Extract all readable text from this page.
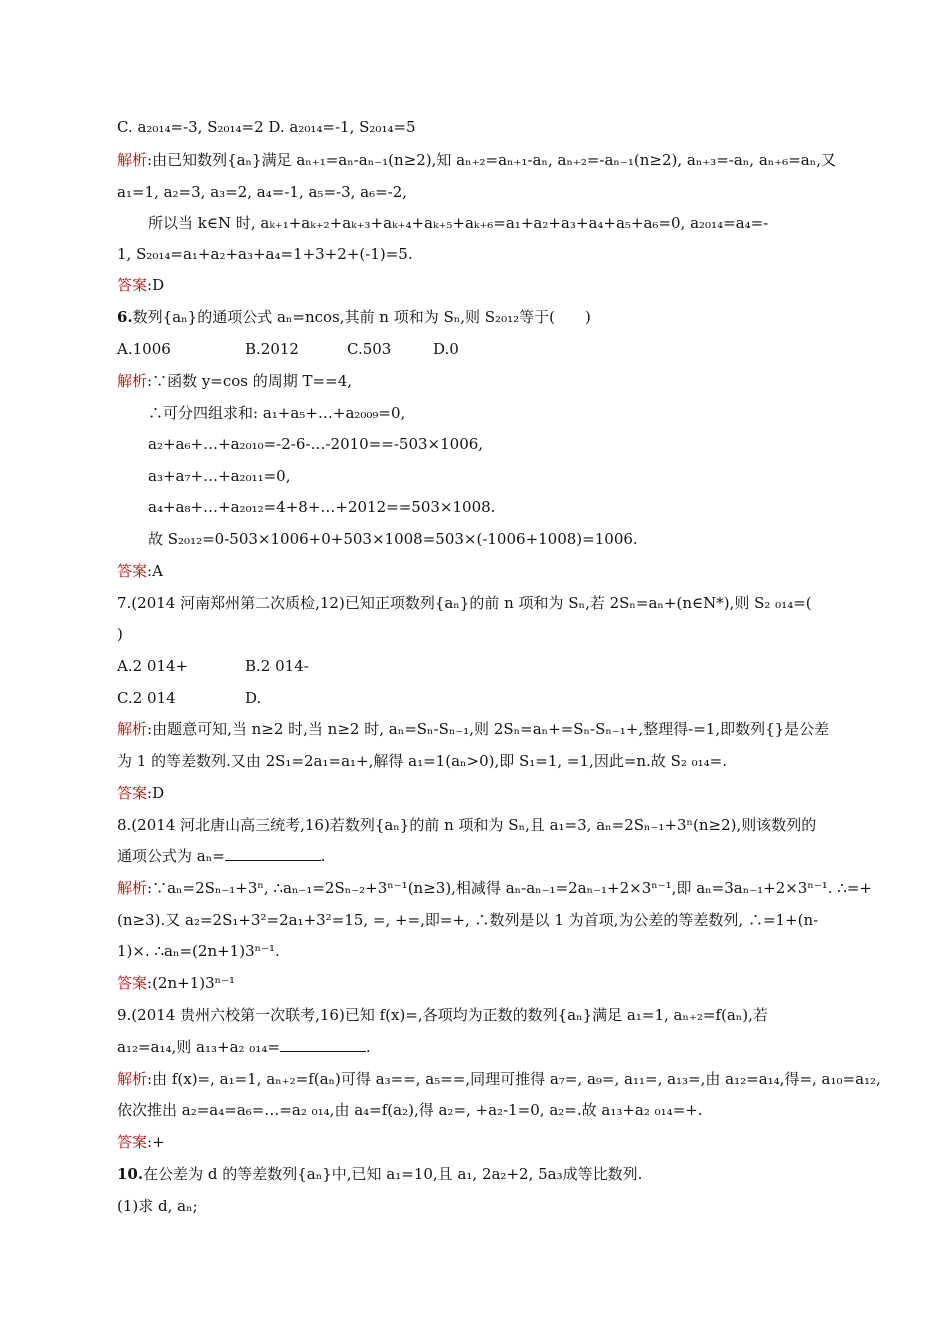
C. a₂₀₁₄=-3, S₂₀₁₄=2 D. a₂₀₁₄=-1, S₂₀₁₄=5
解析:由已知数列{aₙ}满足 aₙ₊₁=aₙ-aₙ₋₁(n≥2),知 aₙ₊₂=aₙ₊₁-aₙ, aₙ₊₂=-aₙ₋₁(n≥2), aₙ₊₃=-aₙ, aₙ₊₆=aₙ,又
a₁=1, a₂=3, a₃=2, a₄=-1, a₅=-3, a₆=-2,
所以当 k∈N 时, aₖ₊₁+aₖ₊₂+aₖ₊₃+aₖ₊₄+aₖ₊₅+aₖ₊₆=a₁+a₂+a₃+a₄+a₅+a₆=0, a₂₀₁₄=a₄=-
1, S₂₀₁₄=a₁+a₂+a₃+a₄=1+3+2+(-1)=5.
答案:D
6.数列{aₙ}的通项公式 aₙ=ncos,其前 n 项和为 Sₙ,则 S₂₀₁₂等于(　　)
A.1006	B.2012	C.503	D.0
解析:∵函数 y=cos 的周期 T==4,
∴可分四组求和: a₁+a₅+…+a₂₀₀₉=0,
a₂+a₆+…+a₂₀₁₀=-2-6-…-2010==-503×1006,
a₃+a₇+…+a₂₀₁₁=0,
a₄+a₈+…+a₂₀₁₂=4+8+…+2012==503×1008.
故 S₂₀₁₂=0-503×1006+0+503×1008=503×(-1006+1008)=1006.
答案:A
7.(2014 河南郑州第二次质检,12)已知正项数列{aₙ}的前 n 项和为 Sₙ,若 2Sₙ=aₙ+(n∈N*),则 S₂ ₀₁₄=(
)
A.2 014+	B.2 014-
C.2 014	D.
解析:由题意可知,当 n≥2 时,当 n≥2 时, aₙ=Sₙ-Sₙ₋₁,则 2Sₙ=aₙ+=Sₙ-Sₙ₋₁+,整理得-=1,即数列{}是公差
为 1 的等差数列.又由 2S₁=2a₁=a₁+,解得 a₁=1(aₙ>0),即 S₁=1, =1,因此=n.故 S₂ ₀₁₄=.
答案:D
8.(2014 河北唐山高三统考,16)若数列{aₙ}的前 n 项和为 Sₙ,且 a₁=3, aₙ=2Sₙ₋₁+3ⁿ(n≥2),则该数列的
通项公式为 aₙ=	.
解析:∵aₙ=2Sₙ₋₁+3ⁿ, ∴aₙ₋₁=2Sₙ₋₂+3ⁿ⁻¹(n≥3),相减得 aₙ-aₙ₋₁=2aₙ₋₁+2×3ⁿ⁻¹,即 aₙ=3aₙ₋₁+2×3ⁿ⁻¹. ∴=+
(n≥3).又 a₂=2S₁+3²=2a₁+3²=15, =, +=,即=+, ∴数列是以 1 为首项,为公差的等差数列, ∴=1+(n-
1)×. ∴aₙ=(2n+1)3ⁿ⁻¹.
答案:(2n+1)3ⁿ⁻¹
9.(2014 贵州六校第一次联考,16)已知 f(x)=,各项均为正数的数列{aₙ}满足 a₁=1, aₙ₊₂=f(aₙ),若
a₁₂=a₁₄,则 a₁₃+a₂ ₀₁₄=	.
解析:由 f(x)=, a₁=1, aₙ₊₂=f(aₙ)可得 a₃==, a₅==,同理可推得 a₇=, a₉=, a₁₁=, a₁₃=,由 a₁₂=a₁₄,得=, a₁₀=a₁₂,
依次推出 a₂=a₄=a₆=…=a₂ ₀₁₄,由 a₄=f(a₂),得 a₂=, +a₂-1=0, a₂=.故 a₁₃+a₂ ₀₁₄=+.
答案:+
10.在公差为 d 的等差数列{aₙ}中,已知 a₁=10,且 a₁, 2a₂+2, 5a₃成等比数列.
(1)求 d, aₙ;
